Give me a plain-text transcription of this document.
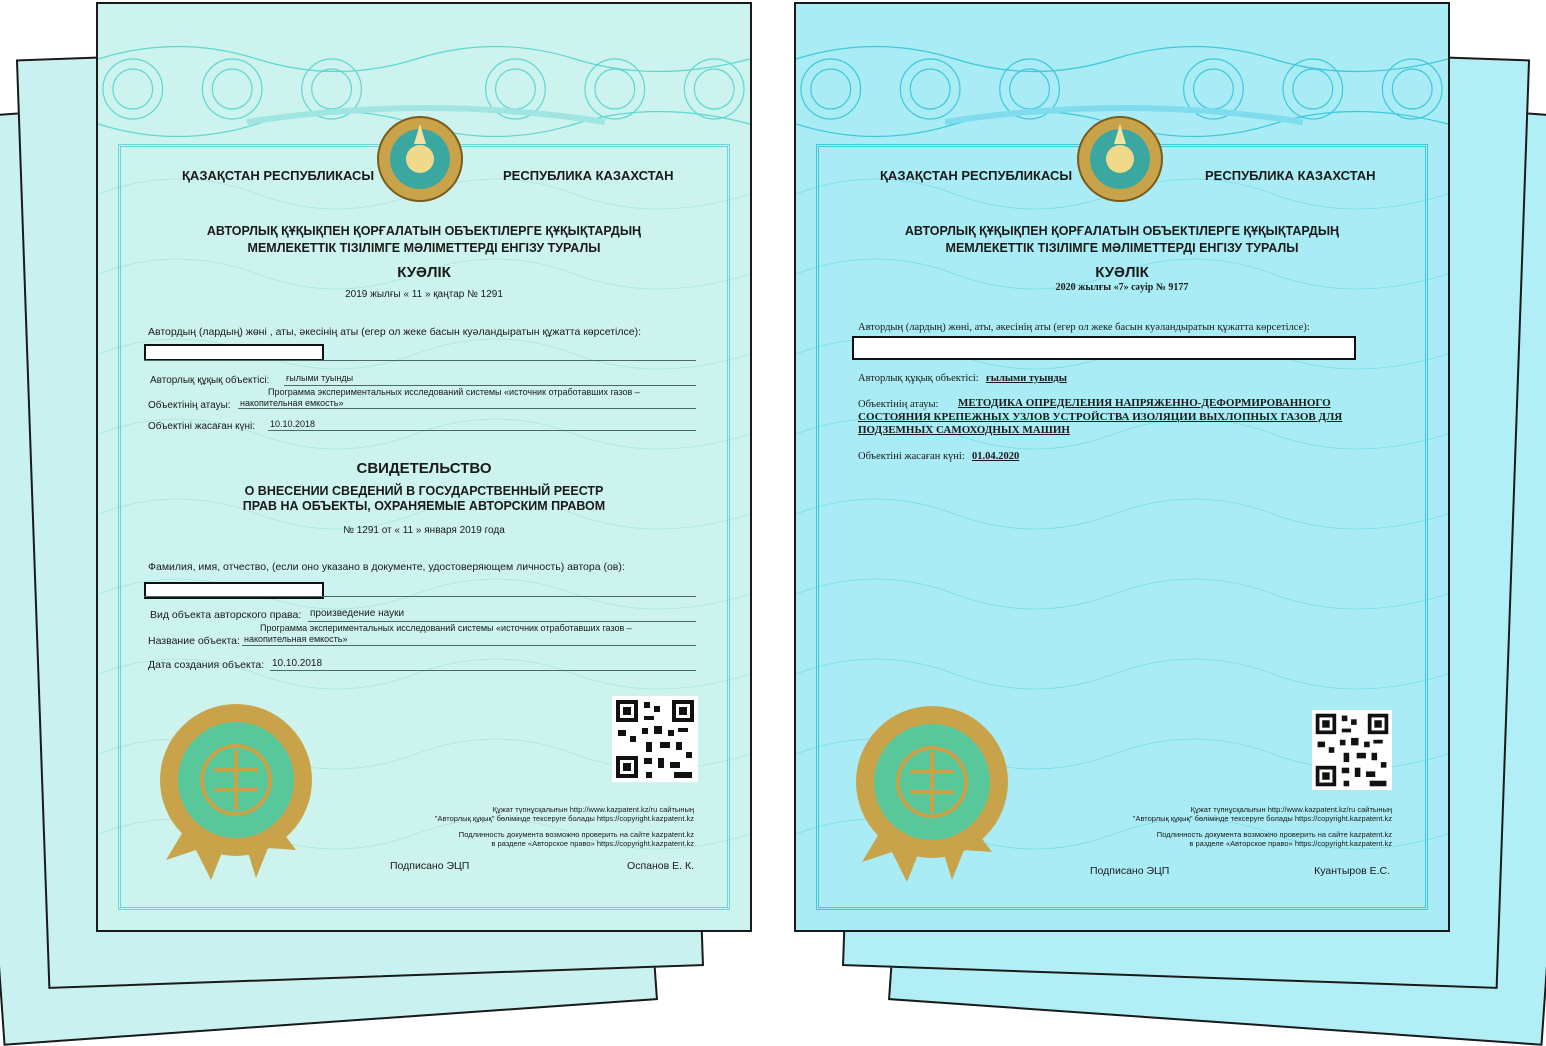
ҚАЗАҚСТАН РЕСПУБЛИКАСЫ	РЕСПУБЛИКА КАЗАХСТАН
АВТОРЛЫҚ ҚҰҚЫҚПЕН ҚОРҒАЛАТЫН ОБЪЕКТІЛЕРГЕ ҚҰҚЫҚТАРДЫҢ
МЕМЛЕКЕТТІК ТІЗІЛІМГЕ МӘЛІМЕТТЕРДІ ЕНГІЗУ ТУРАЛЫ
КУӘЛІК
2019 жылғы « 11 » қаңтар № 1291
Автордың (лардың) жөні , аты, әкесінің аты (егер ол жеке басын куәландыратын құжатта көрсетілсе):
Авторлық құқық объектісі: ғылыми туынды
Программа экспериментальных исследований системы «источник отработавших газов –
Объектінің атауы: накопительная емкость»
Объектіні жасаған күні: 10.10.2018
СВИДЕТЕЛЬСТВО
О ВНЕСЕНИИ СВЕДЕНИЙ В ГОСУДАРСТВЕННЫЙ РЕЕСТР
ПРАВ НА ОБЪЕКТЫ, ОХРАНЯЕМЫЕ АВТОРСКИМ ПРАВОМ
№ 1291 от « 11 » января 2019 года
Фамилия, имя, отчество, (если оно указано в документе, удостоверяющем личность) автора (ов):
Вид объекта авторского права: произведение науки
Программа экспериментальных исследований системы «источник отработавших газов –
Название объекта: накопительная емкость»
Дата создания объекта: 10.10.2018
Құжат түпнұсқалығын http://www.kazpatent.kz/ru сайтының
"Авторлық құқық" бөлімінде тексеруге болады https://copyright.kazpatent.kz
Подлинность документа возможно проверить на сайте kazpatent.kz
в разделе «Авторское право» https://copyright.kazpatent.kz
Подписано ЭЦП	Оспанов Е. К.
ҚАЗАҚСТАН РЕСПУБЛИКАСЫ	РЕСПУБЛИКА КАЗАХСТАН
АВТОРЛЫҚ ҚҰҚЫҚПЕН ҚОРҒАЛАТЫН ОБЪЕКТІЛЕРГЕ ҚҰҚЫҚТАРДЫҢ
МЕМЛЕКЕТТІК ТІЗІЛІМГЕ МӘЛІМЕТТЕРДІ ЕНГІЗУ ТУРАЛЫ
КУӘЛІК
2020 жылғы «7» сәуір № 9177
Автордың (лардың) жөні, аты, әкесінің аты (егер ол жеке басын куәландыратын құжатта көрсетілсе):
Авторлық құқық объектісі: ғылыми туынды
Объектінің атауы: МЕТОДИКА ОПРЕДЕЛЕНИЯ НАПРЯЖЕННО-ДЕФОРМИРОВАННОГО
СОСТОЯНИЯ КРЕПЕЖНЫХ УЗЛОВ УСТРОЙСТВА ИЗОЛЯЦИИ ВЫХЛОПНЫХ ГАЗОВ ДЛЯ
ПОДЗЕМНЫХ САМОХОДНЫХ МАШИН
Объектіні жасаған күні: 01.04.2020
Құжат түпнұсқалығын http://www.kazpatent.kz/ru сайтының
"Авторлық құқық" бөлімінде тексеруге болады https://copyright.kazpatent.kz
Подлинность документа возможно проверить на сайте kazpatent.kz
в разделе «Авторское право» https://copyright.kazpatent.kz
Подписано ЭЦП	Куантыров Е.С.
